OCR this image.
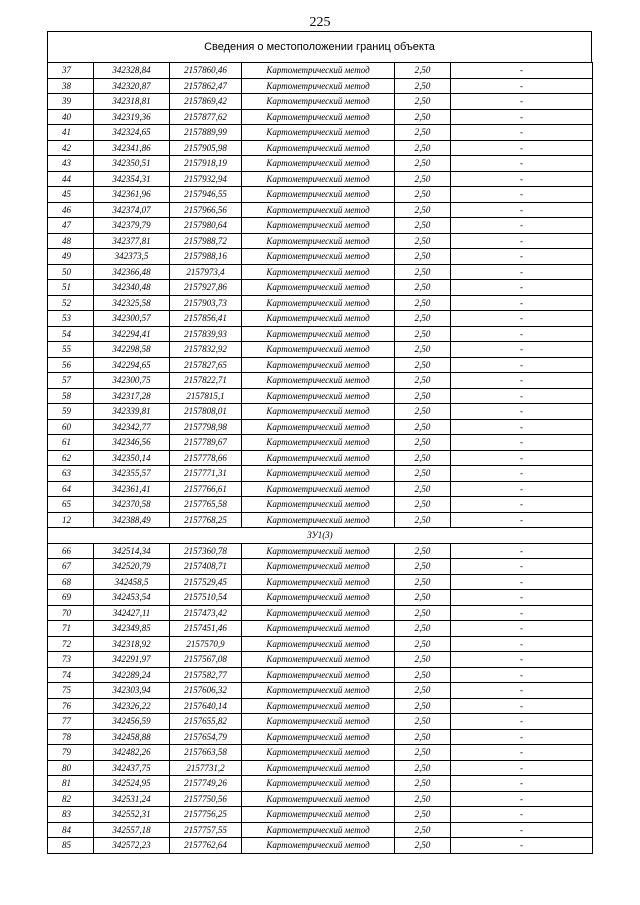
225
Сведения о местоположении границ объекта
37	342328,84	2157860,46	Картометрический метод	2,50	-
38	342320,87	2157862,47	Картометрический метод	2,50	-
39	342318,81	2157869,42	Картометрический метод	2,50	-
40	342319,36	2157877,62	Картометрический метод	2,50	-
41	342324,65	2157889,99	Картометрический метод	2,50	-
42	342341,86	2157905,98	Картометрический метод	2,50	-
43	342350,51	2157918,19	Картометрический метод	2,50	-
44	342354,31	2157932,94	Картометрический метод	2,50	-
45	342361,96	2157946,55	Картометрический метод	2,50	-
46	342374,07	2157966,56	Картометрический метод	2,50	-
47	342379,79	2157980,64	Картометрический метод	2,50	-
48	342377,81	2157988,72	Картометрический метод	2,50	-
49	342373,5	2157988,16	Картометрический метод	2,50	-
50	342366,48	2157973,4	Картометрический метод	2,50	-
51	342340,48	2157927,86	Картометрический метод	2,50	-
52	342325,58	2157903,73	Картометрический метод	2,50	-
53	342300,57	2157856,41	Картометрический метод	2,50	-
54	342294,41	2157839,93	Картометрический метод	2,50	-
55	342298,58	2157832,92	Картометрический метод	2,50	-
56	342294,65	2157827,65	Картометрический метод	2,50	-
57	342300,75	2157822,71	Картометрический метод	2,50	-
58	342317,28	2157815,1	Картометрический метод	2,50	-
59	342339,81	2157808,01	Картометрический метод	2,50	-
60	342342,77	2157798,98	Картометрический метод	2,50	-
61	342346,56	2157789,67	Картометрический метод	2,50	-
62	342350,14	2157778,66	Картометрический метод	2,50	-
63	342355,57	2157771,31	Картометрический метод	2,50	-
64	342361,41	2157766,61	Картометрический метод	2,50	-
65	342370,58	2157765,58	Картометрический метод	2,50	-
12	342388,49	2157768,25	Картометрический метод	2,50	-
ЗУ1(3)					
66	342514,34	2157360,78	Картометрический метод	2,50	-
67	342520,79	2157408,71	Картометрический метод	2,50	-
68	342458,5	2157529,45	Картометрический метод	2,50	-
69	342453,54	2157510,54	Картометрический метод	2,50	-
70	342427,11	2157473,42	Картометрический метод	2,50	-
71	342349,85	2157451,46	Картометрический метод	2,50	-
72	342318,92	2157570,9	Картометрический метод	2,50	-
73	342291,97	2157567,08	Картометрический метод	2,50	-
74	342289,24	2157582,77	Картометрический метод	2,50	-
75	342303,94	2157606,32	Картометрический метод	2,50	-
76	342326,22	2157640,14	Картометрический метод	2,50	-
77	342456,59	2157655,82	Картометрический метод	2,50	-
78	342458,88	2157654,79	Картометрический метод	2,50	-
79	342482,26	2157663,58	Картометрический метод	2,50	-
80	342437,75	2157731,2	Картометрический метод	2,50	-
81	342524,95	2157749,26	Картометрический метод	2,50	-
82	342531,24	2157750,56	Картометрический метод	2,50	-
83	342552,31	2157756,25	Картометрический метод	2,50	-
84	342557,18	2157757,55	Картометрический метод	2,50	-
85	342572,23	2157762,64	Картометрический метод	2,50	-
